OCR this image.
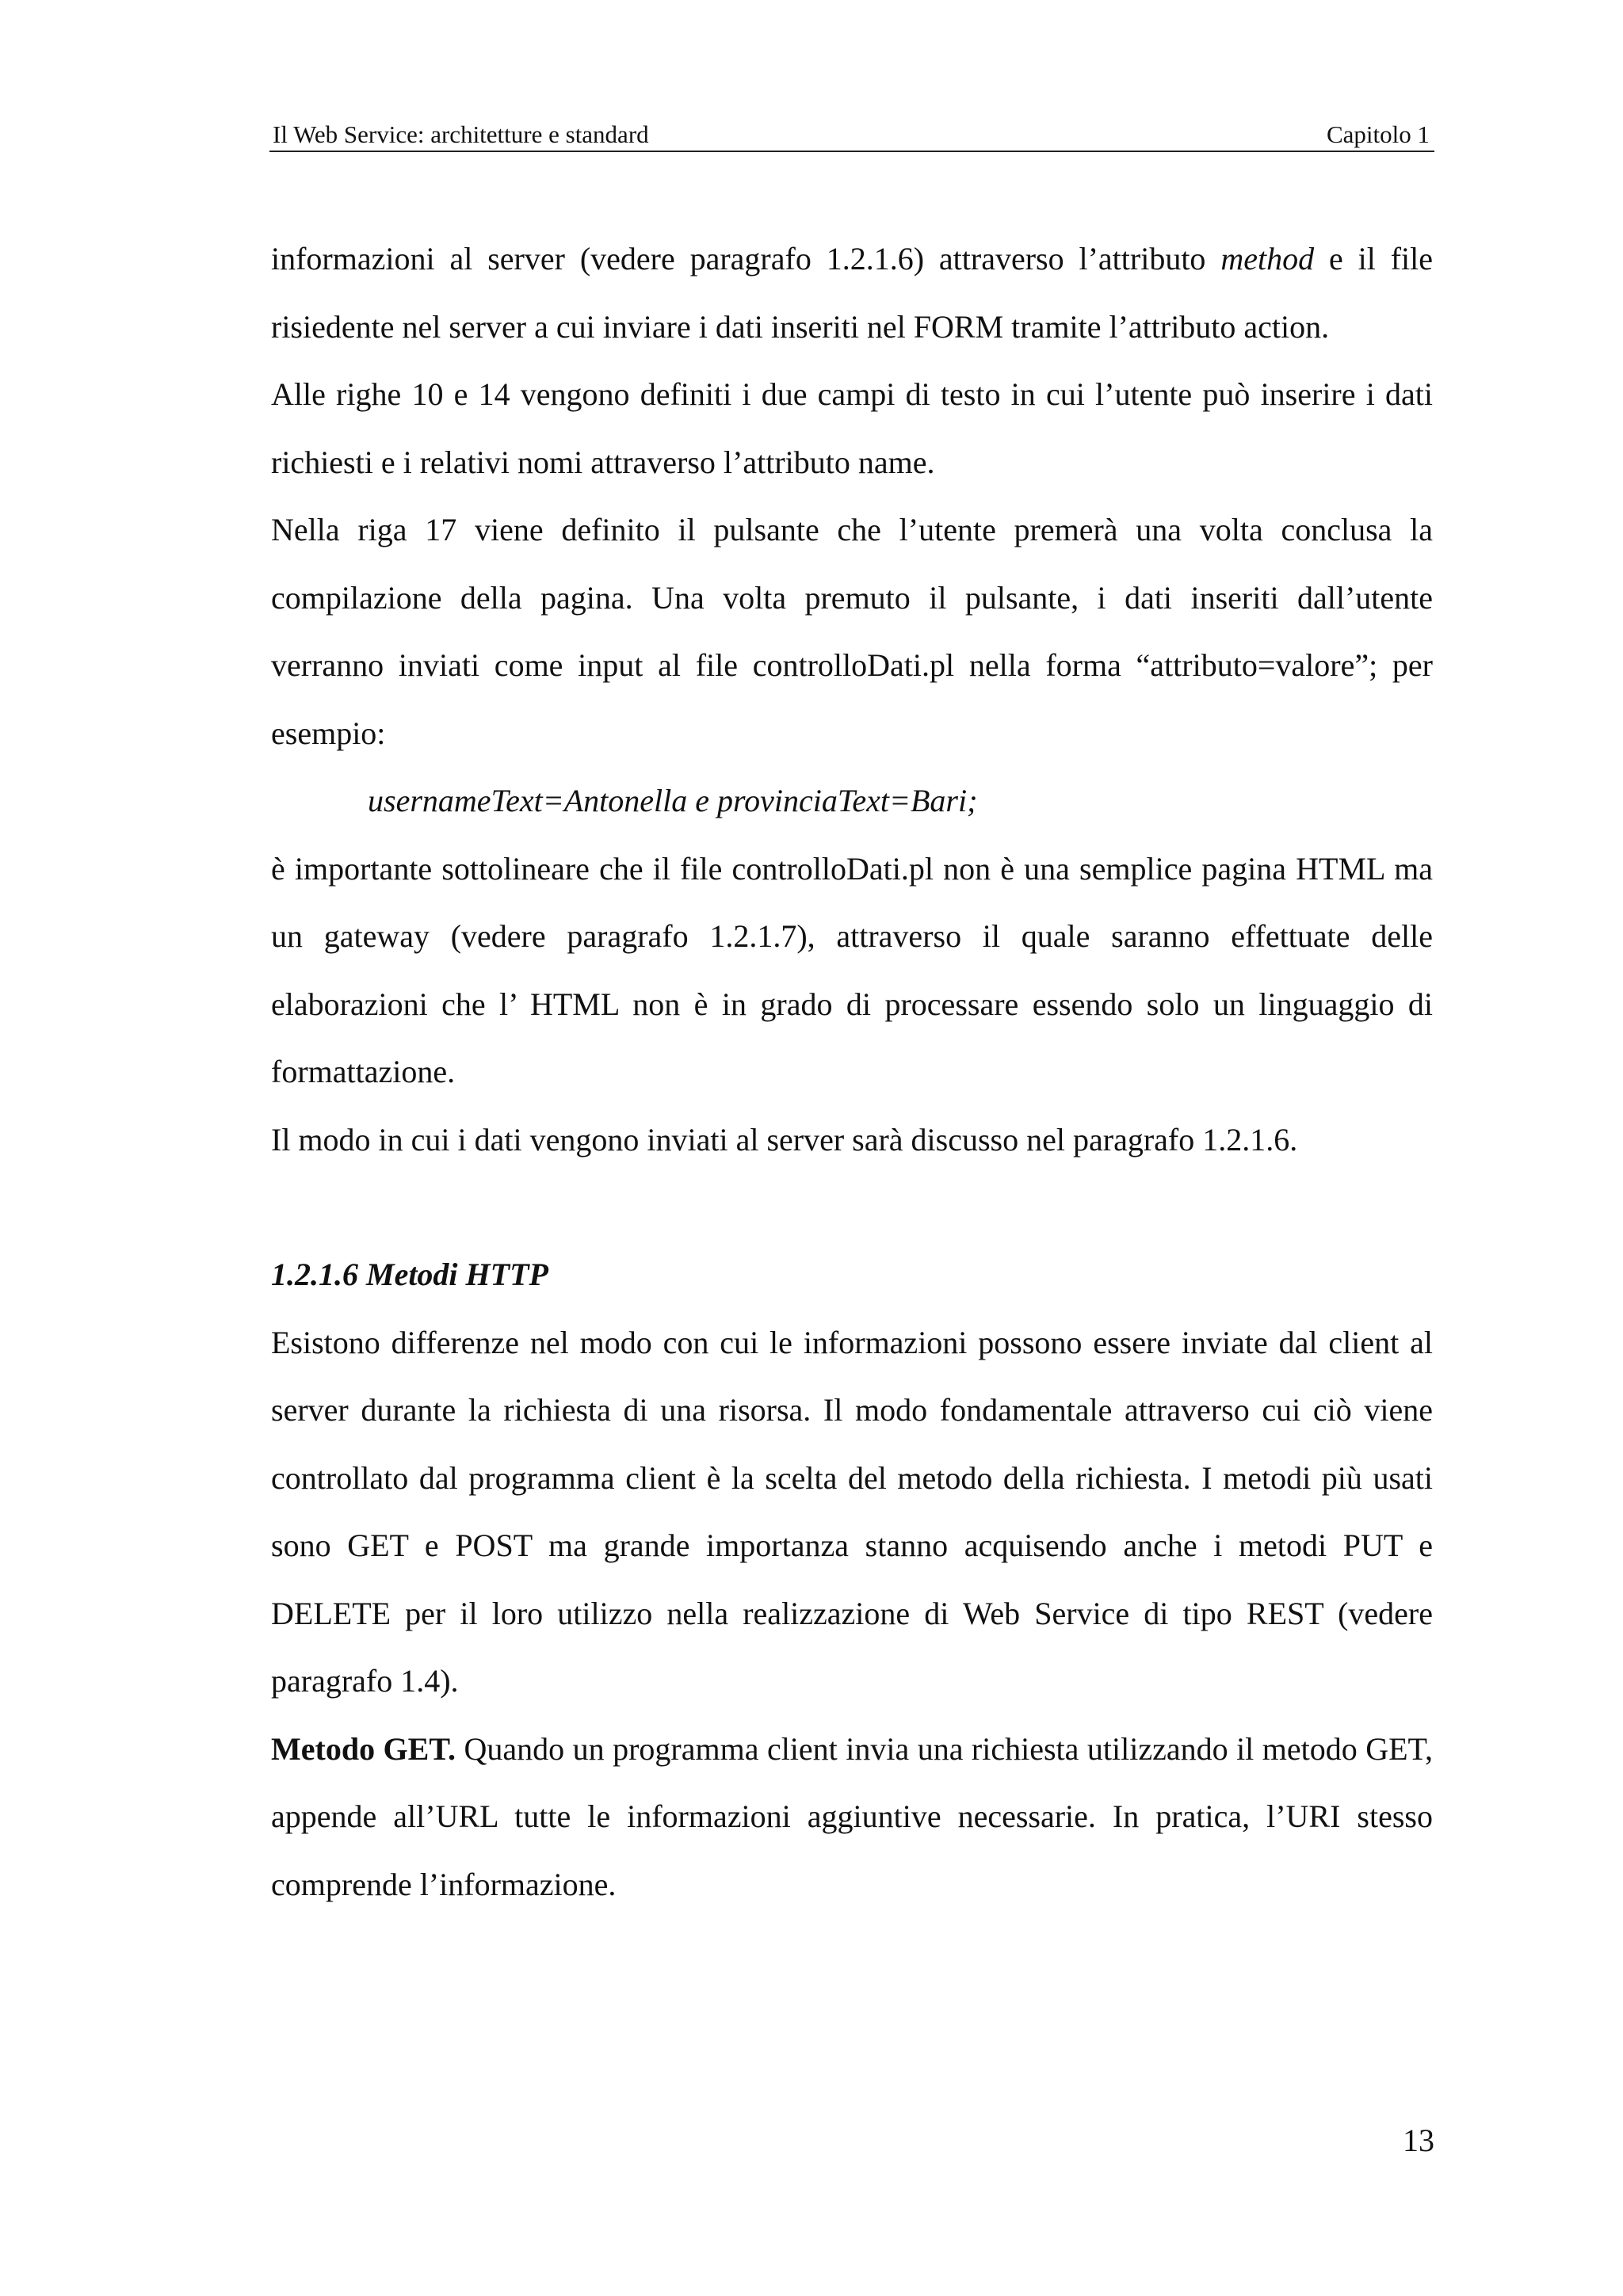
Il Web Service: architetture e standard	Capitolo 1

informazioni al server (vedere paragrafo 1.2.1.6) attraverso l’attributo method e il file risiedente nel server a cui inviare i dati inseriti nel FORM tramite l’attributo action.

Alle righe 10 e 14 vengono definiti i due campi di testo in cui l’utente può inserire i dati richiesti e i relativi nomi attraverso l’attributo name.

Nella riga 17 viene definito il pulsante che l’utente premerà una volta conclusa la compilazione della pagina. Una volta premuto il pulsante, i dati inseriti dall’utente verranno inviati come input al file controlloDati.pl nella forma “attributo=valore”; per esempio:

usernameText=Antonella e provinciaText=Bari;

è importante sottolineare che il file controlloDati.pl non è una semplice pagina HTML ma un gateway (vedere paragrafo 1.2.1.7), attraverso il quale saranno effettuate delle elaborazioni che l’ HTML non è in grado di processare essendo solo un linguaggio di formattazione.

Il modo in cui i dati vengono inviati al server sarà discusso nel paragrafo 1.2.1.6.

1.2.1.6 Metodi HTTP

Esistono differenze nel modo con cui le informazioni possono essere inviate dal client al server durante la richiesta di una risorsa. Il modo fondamentale attraverso cui ciò viene controllato dal programma client è la scelta del metodo della richiesta. I metodi più usati sono GET e POST ma grande importanza stanno acquisendo anche i metodi PUT e DELETE per il loro utilizzo nella realizzazione di Web Service di tipo REST (vedere paragrafo 1.4).

Metodo GET. Quando un programma client invia una richiesta utilizzando il metodo GET, appende all’URL tutte le informazioni aggiuntive necessarie. In pratica, l’URI stesso comprende l’informazione.

13
